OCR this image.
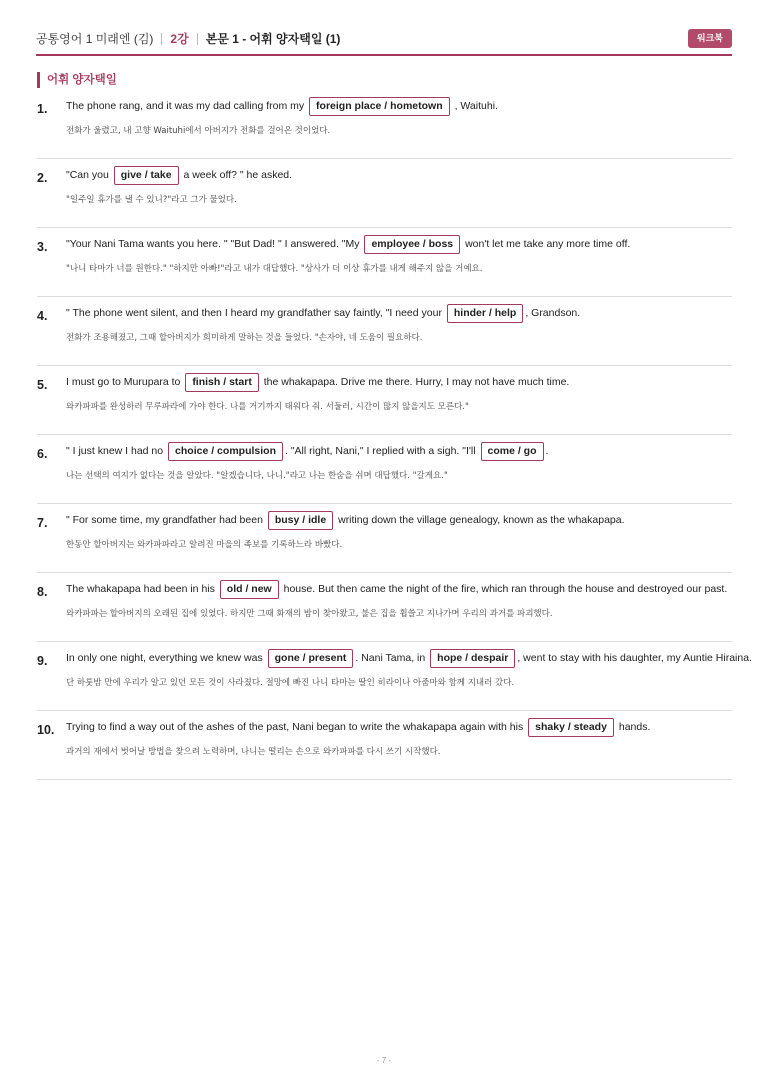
공통영어 1 미래엔 (김) 2강 본문 1 - 어휘 양자택일 (1)	워크북
어휘 양자택일
1. The phone rang, and it was my dad calling from my foreign place / hometown , Waituhi.
전화가 울렸고, 내 고향 Waituhi에서 아버지가 전화를 걸어온 것이었다.
2. "Can you give / take a week off? " he asked.
"일주일 휴가를 낼 수 있니?"라고 그가 물었다.
3. "Your Nani Tama wants you here. " "But Dad! " I answered. "My employee / boss won't let me take any more time off.
"나니 타마가 너를 원한다." "하지만 아빠!"라고 내가 대답했다. "상사가 더 이상 휴가를 내게 해주지 않을 거예요.
4. " The phone went silent, and then I heard my grandfather say faintly, "I need your hinder / help , Grandson.
전화가 조용해졌고, 그때 할아버지가 희미하게 말하는 것을 들었다. "손자야, 네 도움이 필요하다.
5. I must go to Murupara to finish / start the whakapapa. Drive me there. Hurry, I may not have much time.
와카파파를 완성하러 무루파라에 가야 한다. 나를 거기까지 태워다 줘. 서둘러, 시간이 많지 않을지도 모른다."
6. " I just knew I had no choice / compulsion . "All right, Nani," I replied with a sigh. "I'll come / go .
나는 선택의 여지가 없다는 것을 알았다. "알겠습니다, 나니."라고 나는 한숨을 쉬며 대답했다. "갈게요."
7. " For some time, my grandfather had been busy / idle writing down the village genealogy, known as the whakapapa.
한동안 할아버지는 와카파파라고 알려진 마을의 족보를 기록하느라 바빴다.
8. The whakapapa had been in his old / new house. But then came the night of the fire, which ran through the house and destroyed our past.
와카파파는 할아버지의 오래된 집에 있었다. 하지만 그때 화재의 밤이 찾아왔고, 불은 집을 휩쓸고 지나가며 우리의 과거를 파괴했다.
9. In only one night, everything we knew was gone / present . Nani Tama, in hope / despair , went to stay with his daughter, my Auntie Hiraina.
단 하룻밤 만에 우리가 알고 있던 모든 것이 사라졌다. 절망에 빠진 나니 타마는 딸인 히라이나 아줌마와 함께 지내러 갔다.
10. Trying to find a way out of the ashes of the past, Nani began to write the whakapapa again with his shaky / steady hands.
과거의 재에서 벗어날 방법을 찾으려 노력하며, 나니는 떨리는 손으로 와카파파를 다시 쓰기 시작했다.
- 7 -
